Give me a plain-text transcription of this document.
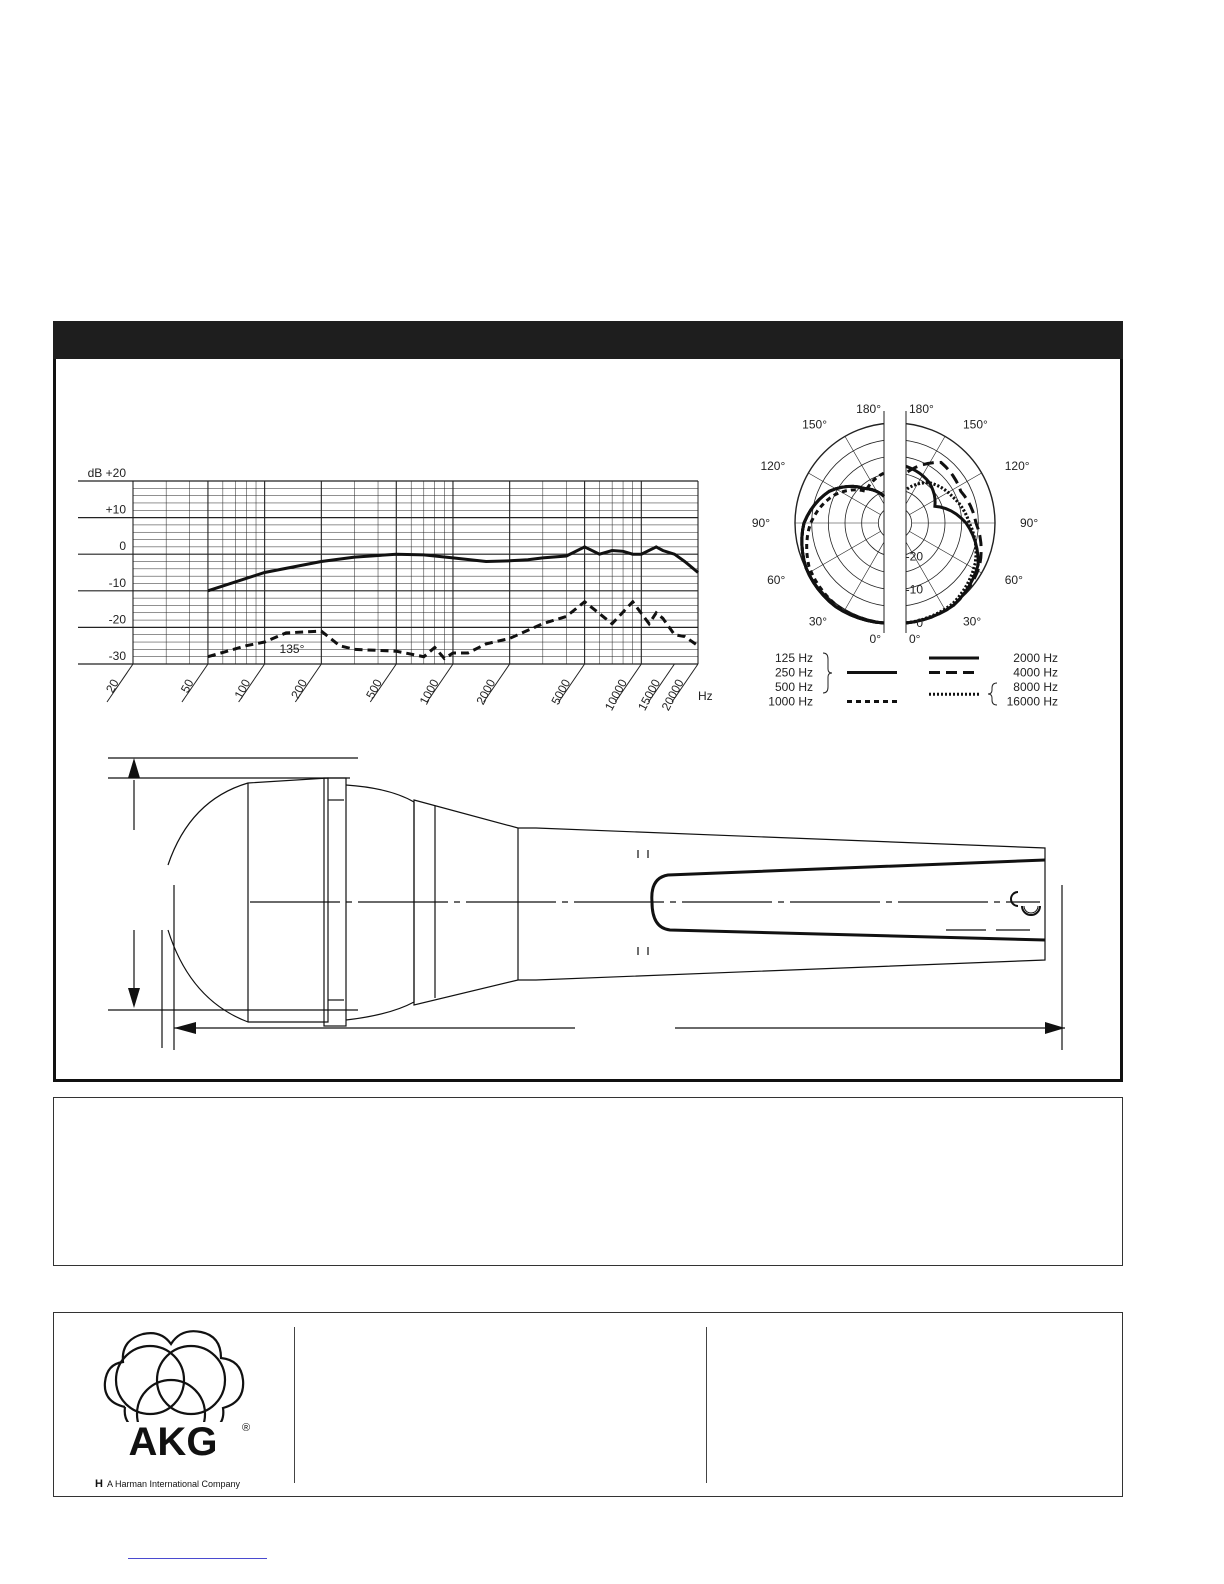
dB +20
+10
0
-10
-20
-30
20	50	100	200	500	1000	2000	5000 10000 15000
20000
135°
Hz
180°
150°
120°
90°
60°
30°
0°
180°
150°
120°
90°
60°
30°
0°
-20
-10
0
125 Hz
250 Hz
500 Hz
1000 Hz
2000 Hz
4000 Hz
8000 Hz
16000 Hz
AKG ®
H A Harman International Company
